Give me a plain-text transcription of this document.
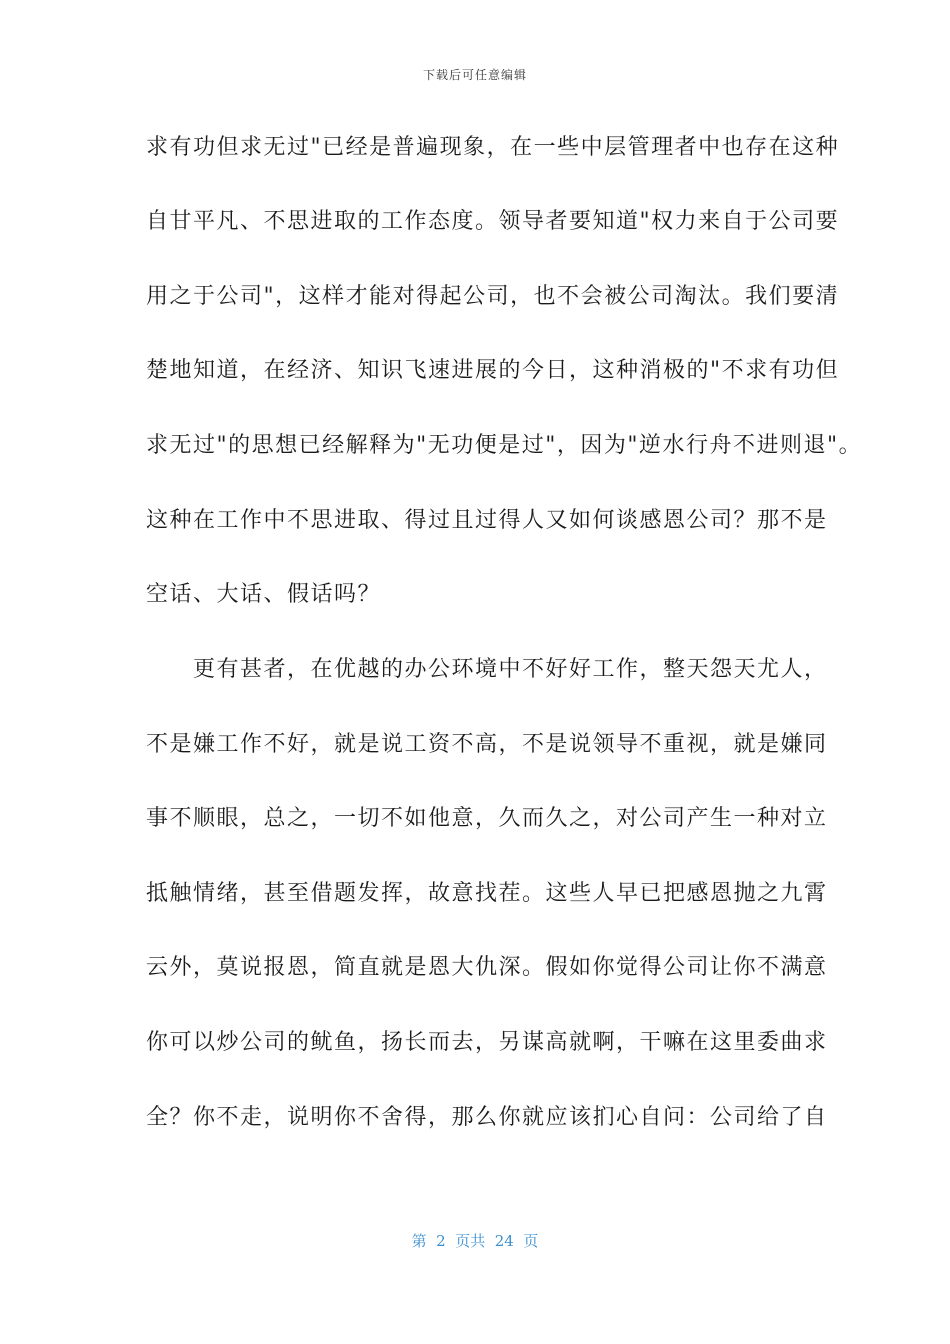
下载后可任意编辑
求有功但求无过"已经是普遍现象，在一些中层管理者中也存在这种
自甘平凡、不思进取的工作态度。领导者要知道"权力来自于公司要
用之于公司"，这样才能对得起公司，也不会被公司淘汰。我们要清
楚地知道，在经济、知识飞速进展的今日，这种消极的"不求有功但
求无过"的思想已经解释为"无功便是过"，因为"逆水行舟不进则退"。
这种在工作中不思进取、得过且过得人又如何谈感恩公司？那不是
空话、大话、假话吗？
　　更有甚者，在优越的办公环境中不好好工作，整天怨天尤人，
不是嫌工作不好，就是说工资不高，不是说领导不重视，就是嫌同
事不顺眼，总之，一切不如他意，久而久之，对公司产生一种对立
抵触情绪，甚至借题发挥，故意找茬。这些人早已把感恩抛之九霄
云外，莫说报恩，简直就是恩大仇深。假如你觉得公司让你不满意
你可以炒公司的鱿鱼，扬长而去，另谋高就啊，干嘛在这里委曲求
全？你不走，说明你不舍得，那么你就应该扪心自问：公司给了自
第  2  页共  24  页
